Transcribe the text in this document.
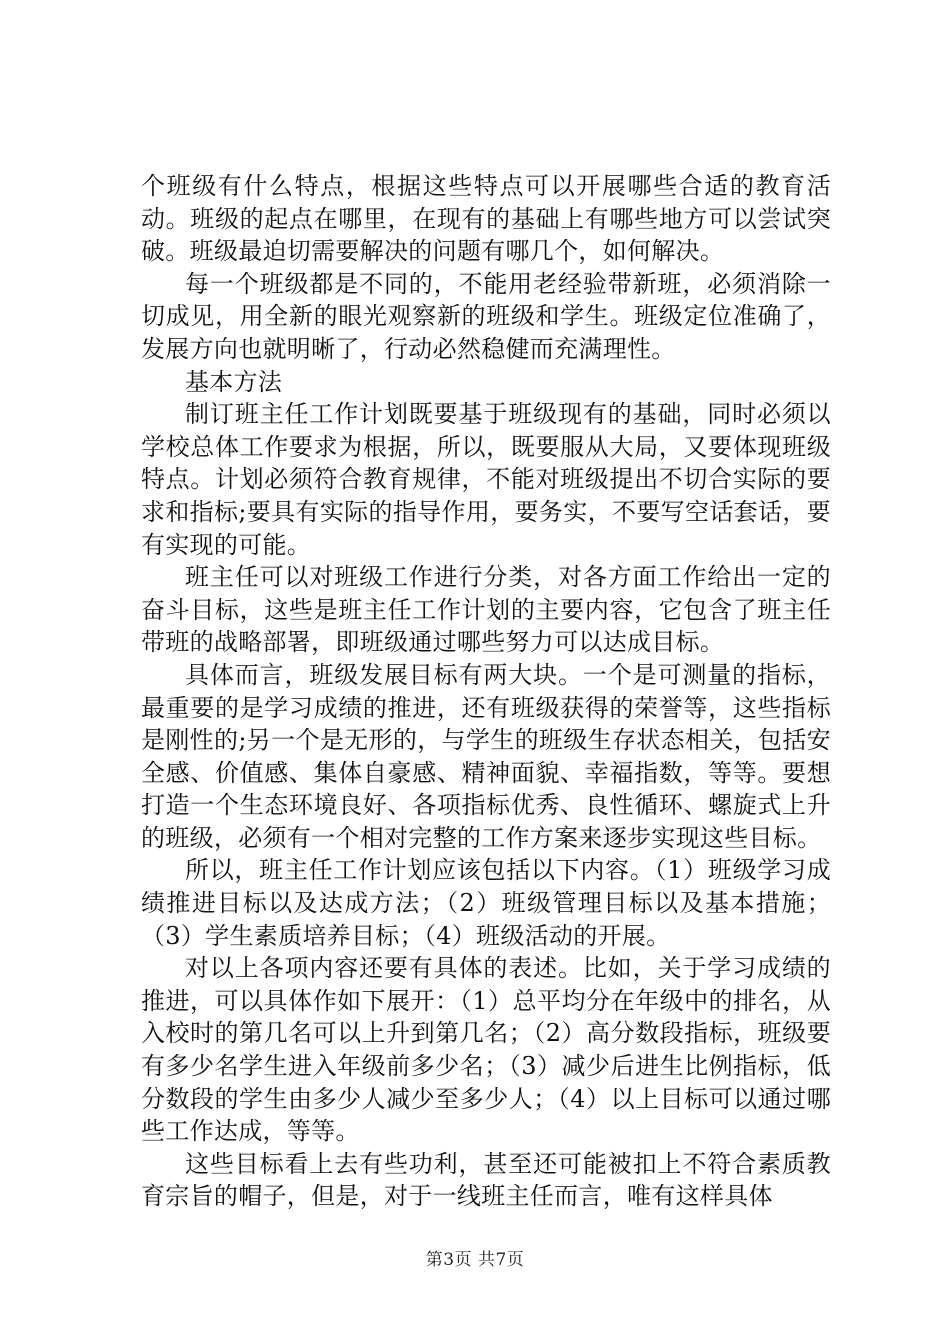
个班级有什么特点，根据这些特点可以开展哪些合适的教育活动。班级的起点在哪里，在现有的基础上有哪些地方可以尝试突破。班级最迫切需要解决的问题有哪几个，如何解决。

每一个班级都是不同的，不能用老经验带新班，必须消除一切成见，用全新的眼光观察新的班级和学生。班级定位准确了，发展方向也就明晰了，行动必然稳健而充满理性。

基本方法

制订班主任工作计划既要基于班级现有的基础，同时必须以学校总体工作要求为根据，所以，既要服从大局，又要体现班级特点。计划必须符合教育规律，不能对班级提出不切合实际的要求和指标;要具有实际的指导作用，要务实，不要写空话套话，要有实现的可能。

班主任可以对班级工作进行分类，对各方面工作给出一定的奋斗目标，这些是班主任工作计划的主要内容，它包含了班主任带班的战略部署，即班级通过哪些努力可以达成目标。

具体而言，班级发展目标有两大块。一个是可测量的指标，最重要的是学习成绩的推进，还有班级获得的荣誉等，这些指标是刚性的;另一个是无形的，与学生的班级生存状态相关，包括安全感、价值感、集体自豪感、精神面貌、幸福指数，等等。要想打造一个生态环境良好、各项指标优秀、良性循环、螺旋式上升的班级，必须有一个相对完整的工作方案来逐步实现这些目标。

所以，班主任工作计划应该包括以下内容。（1）班级学习成绩推进目标以及达成方法；（2）班级管理目标以及基本措施；（3）学生素质培养目标；（4）班级活动的开展。

对以上各项内容还要有具体的表述。比如，关于学习成绩的推进，可以具体作如下展开：（1）总平均分在年级中的排名，从入校时的第几名可以上升到第几名；（2）高分数段指标，班级要有多少名学生进入年级前多少名；（3）减少后进生比例指标，低分数段的学生由多少人减少至多少人；（4）以上目标可以通过哪些工作达成，等等。

这些目标看上去有些功利，甚至还可能被扣上不符合素质教育宗旨的帽子，但是，对于一线班主任而言，唯有这样具体

第3页 共7页
